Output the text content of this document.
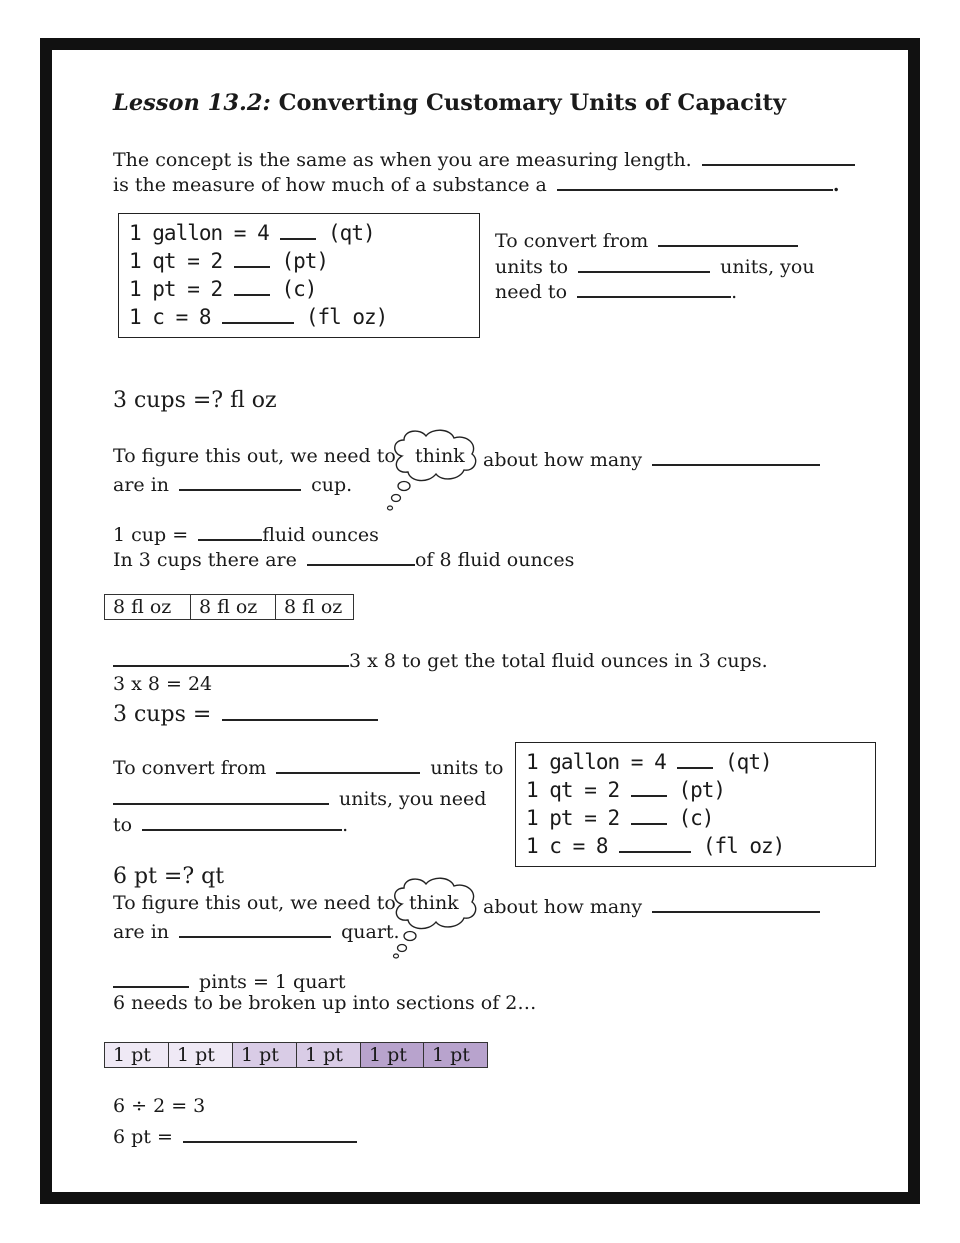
Lesson 13.2: Converting Customary Units of Capacity
The concept is the same as when you are measuring length.
is the measure of how much of a substance a	.
1 gallon = 4	(qt)
1 qt = 2	(pt)
1 pt = 2	(c)
1 c = 8	(fl oz)
To convert from
units to	units, you
need to	.
3 cups =? fl oz
To figure this out, we need to think about how many
are in	cup.
1 cup =	fluid ounces
In 3 cups there are	of 8 fluid ounces
8 fl oz	8 fl oz	8 fl oz
3 x 8 to get the total fluid ounces in 3 cups.
3 x 8 = 24
3 cups =
To convert from	units to
units, you need
to	.
1 gallon = 4	(qt)
1 qt = 2	(pt)
1 pt = 2	(c)
1 c = 8	(fl oz)
6 pt =? qt
To figure this out, we need to think about how many
are in	quart.
pints = 1 quart
6 needs to be broken up into sections of 2…
1 pt	1 pt	1 pt	1 pt	1 pt	1 pt
6 ÷ 2 = 3
6 pt =
